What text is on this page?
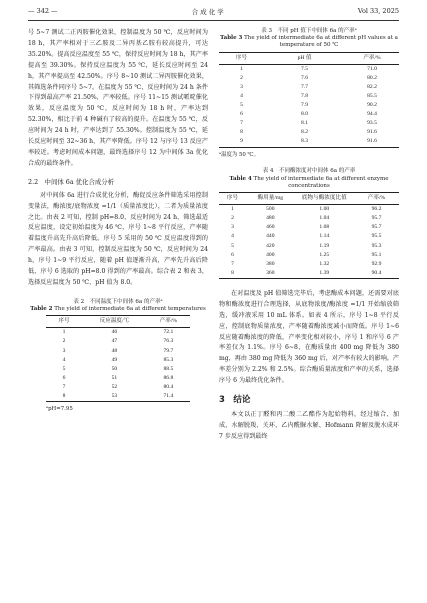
— 342 —	合 成 化 学	Vol 33, 2025

号 5~7 测试二正丙胺催化效果，控制温度为 50 ℃，反应时间为 18 h，其产率相对于三乙胺及二异丙基乙胺有较高提升，可达 35.20%。提高反应温度至 55 ℃，保持反应时间为 18 h，其产率提高至 39.30%。保持反应温度为 55 ℃，延长反应时间至 24 h，其产率提高至 42.50%。序号 8~10 测试二异丙胺催化效果，其筛选条件同序号 5~7，在温度为 55 ℃，反应时间为 24 h 条件下得到最高产率 21.50%，产率较低。序号 11~15 测试哌啶催化效果，反应温度为 50 ℃，反应时间为 18 h 时，产率达到 52.30%，相比于前 4 种碱有了较高的提升。在温度为 55 ℃，反应时间为 24 h 时，产率达到了 55.30%。控制温度为 55 ℃，延长反应时间至 32~36 h，其产率降低。序号 12 与序号 13 反应产率较近。考虑时间成本问题，最终选择序号 12 为中间体 3a 优化合成的最终条件。

2.2　中间体 6a 优化合成分析

对中间体 6a 进行合成优化分析，酶促反应条件筛选采用控制变量法，酶浓度/底物浓度 =1/1（质量浓度比），二者为质量浓度之比。由表 2 可知，控制 pH=8.0，反应时间为 24 h，筛选最适反应温度，设定初始温度为 46 ℃，序号 1~8 平行反应，产率随着温度升高先升高后降低。序号 5 采用的 50 ℃ 反应温度得到的产率最高。由表 3 可知，控制反应温度为 50 ℃，反应时间为 24 h，序号 1~9 平行反应，随着 pH 值逐渐升高，产率先升高后降低，序号 6 选取的 pH=8.0 得到的产率最高。综合表 2 和表 3，选择反应温度为 50 ℃，pH 值为 8.0。

表 2　不同温度下中间体 6a 的产率ᵃ
Table 2 The yield of intermediate 6a at different temperatures
序号	反应温度/℃	产率/%
1	46	72.1
2	47	76.3
3	48	79.7
4	49	85.3
5	50	88.5
6	51	86.8
7	52	80.4
8	53	71.4
ᵃpH=7.95
表 3　不同 pH 值下中间体 6a 的产率ᵃ
Table 3 The yield of intermediate 6a at different pH values at a temperature of 50 ℃
序号	pH 值	产率/%
1	7.5	71.0
2	7.6	80.2
3	7.7	82.2
4	7.8	85.5
5	7.9	90.2
6	8.0	94.4
7	8.1	93.5
8	8.2	91.6
9	8.3	91.6
ᵃ温度为 50 ℃。
表 4　不同酶浓度对中间体 6a 的产率
Table 4 The yield of intermediate 6a at different enzyme concentrations
序号	酶用量/mg	底物与酶浓度比值	产率/%
1	500	1.00	96.2
2	480	1.04	95.7
3	460	1.08	95.7
4	440	1.14	95.5
5	420	1.19	95.3
6	400	1.25	95.1
7	380	1.32	92.9
8	360	1.39	90.4

在对温度及 pH 值筛选完毕后，考虑酶成本问题，还需要对底物和酶浓度进行合理选择，从底物浓度/酶浓度 =1/1 开始缩放筛选，缓冲液采用 10 mL 体系。如表 4 所示，序号 1~8 平行反应，控制底物质量浓度，产率随着酶浓度减小而降低。序号 1~6 反应随着酶浓度的降低，产率变化相对较小，序号 1 和序号 6 产率差仅为 1.1%。序号 6~8，在酶质量由 400 mg 降低为 380 mg，再由 380 mg 降低为 360 mg 后，对产率有较大的影响。产率差分别为 2.2% 和 2.5%。综合酶质量浓度和产率的关系，选择序号 6 为最终优化条件。

3　结论

本文以正丁醛和丙二酸二乙酯作为起始物料，经过缩合、加成、水解脱羧、关环、乙内酰脲水解、Hofmann 降解及脱水成环 7 步反应得到最终
